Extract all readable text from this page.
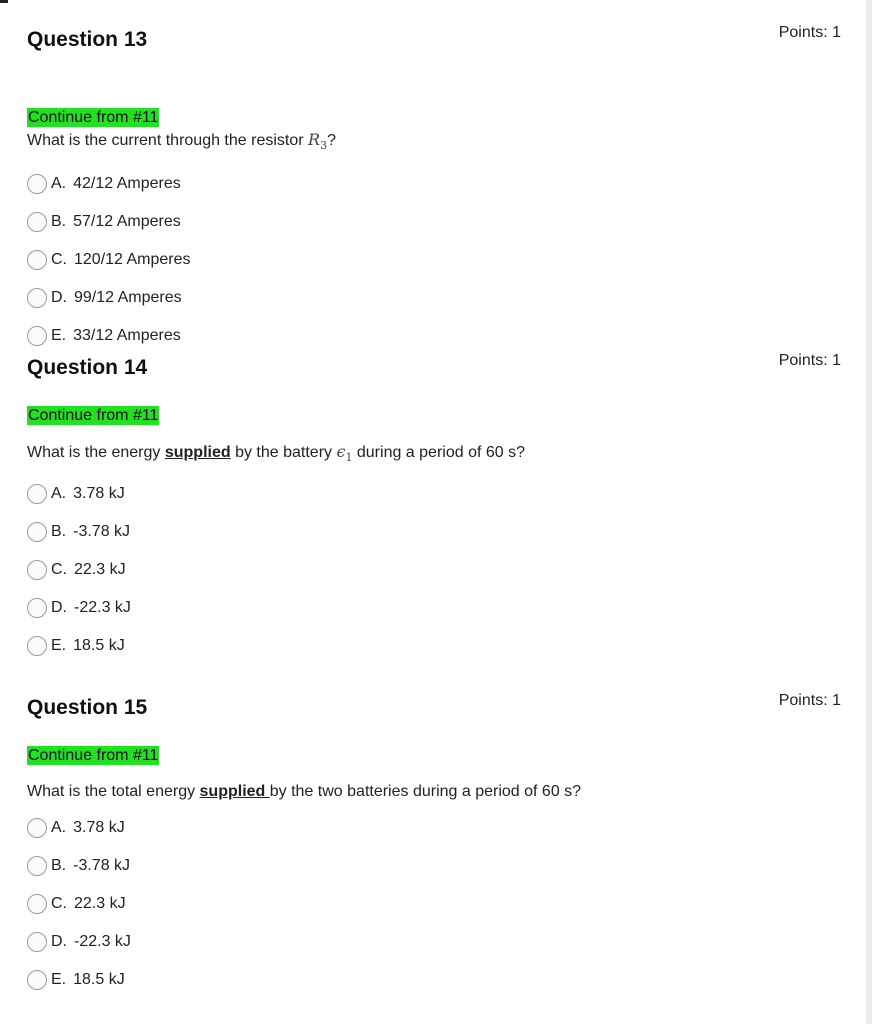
Question 13	Points: 1
Continue from #11
What is the current through the resistor $R_3$?
A. 42/12 Amperes
B. 57/12 Amperes
C. 120/12 Amperes
D. 99/12 Amperes
E. 33/12 Amperes
Question 14	Points: 1
Continue from #11
What is the energy supplied by the battery $\epsilon_1$ during a period of 60 s?
A. 3.78 kJ
B. -3.78 kJ
C. 22.3 kJ
D. -22.3 kJ
E. 18.5 kJ
Question 15	Points: 1
Continue from #11
What is the total energy supplied by the two batteries during a period of 60 s?
A. 3.78 kJ
B. -3.78 kJ
C. 22.3 kJ
D. -22.3 kJ
E. 18.5 kJ
